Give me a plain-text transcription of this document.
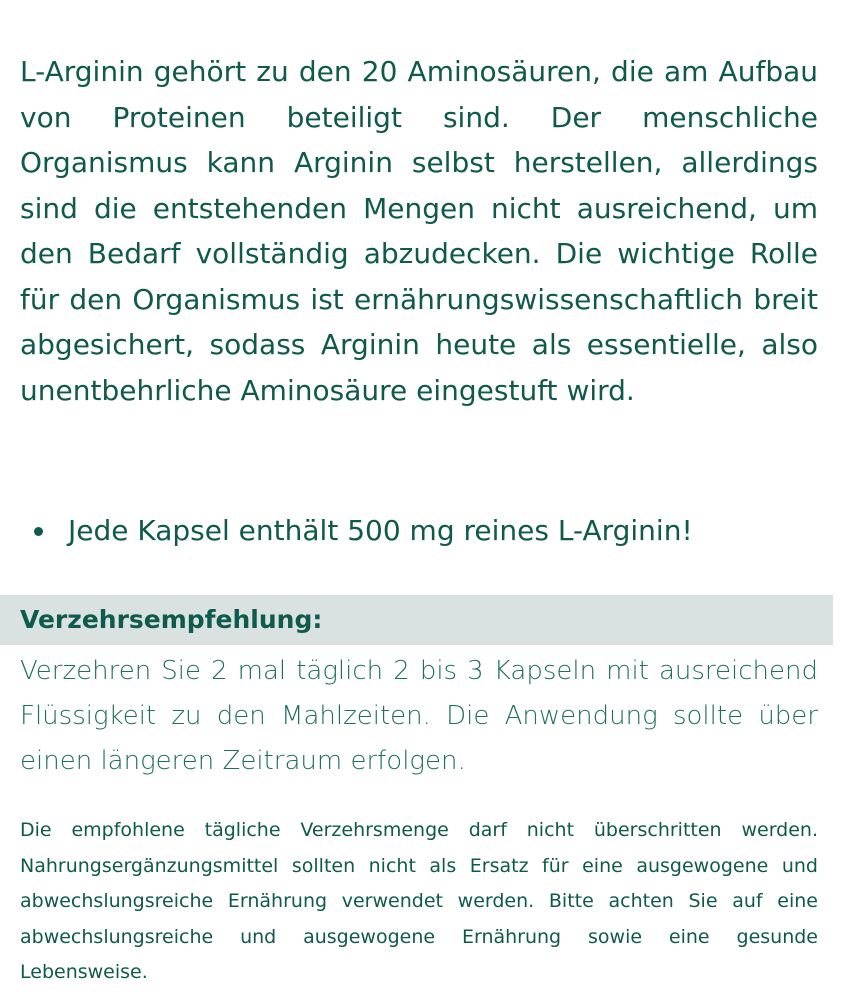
L-Arginin gehört zu den 20 Aminosäuren, die am Aufbau von Proteinen beteiligt sind. Der menschliche Organismus kann Arginin selbst herstellen, allerdings sind die entstehenden Mengen nicht ausreichend, um den Bedarf vollständig abzudecken. Die wichtige Rolle für den Organismus ist ernährungswissenschaftlich breit abgesichert, sodass Arginin heute als essentielle, also unentbehrliche Aminosäure eingestuft wird.

Jede Kapsel enthält 500 mg reines L-Arginin!
Verzehrsempfehlung:

Verzehren Sie 2 mal täglich 2 bis 3 Kapseln mit ausreichend Flüssigkeit zu den Mahlzeiten. Die Anwendung sollte über einen längeren Zeitraum erfolgen.

Die empfohlene tägliche Verzehrsmenge darf nicht überschritten werden. Nahrungsergänzungsmittel sollten nicht als Ersatz für eine ausgewogene und abwechslungsreiche Ernährung verwendet werden. Bitte achten Sie auf eine abwechslungsreiche und ausgewogene Ernährung sowie eine gesunde Lebensweise.
